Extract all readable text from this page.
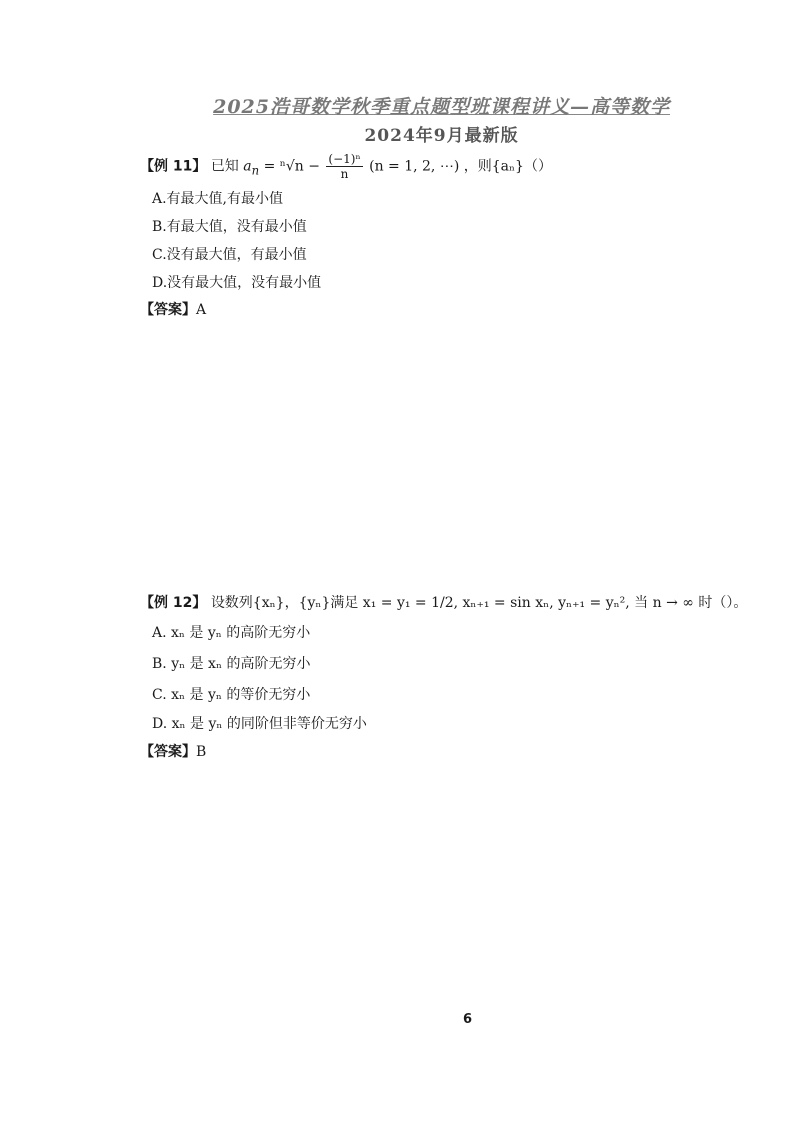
2025浩哥数学秋季重点题型班课程讲义—高等数学
2024年9月最新版
【例 11】 已知 $a_n = ^n√n - \frac{\text{(−1)ⁿ}}{n} (n = 1$, 2, ⋯) ，则{aₙ}（）
A.有最大值,有最小值
B.有最大值，没有最小值
C.没有最大值，有最小值
D.没有最大值，没有最小值
【答案】A
【例 12】 设数列{xₙ}，{yₙ}满足 x₁ = y₁ = 1/2, xₙ₊₁ = sin xₙ, yₙ₊₁ = yₙ², 当 n → ∞ 时（）。
A. xₙ 是 yₙ 的高阶无穷小
B. yₙ 是 xₙ 的高阶无穷小
C. xₙ 是 yₙ 的等价无穷小
D. xₙ 是 yₙ 的同阶但非等价无穷小
【答案】B
6
